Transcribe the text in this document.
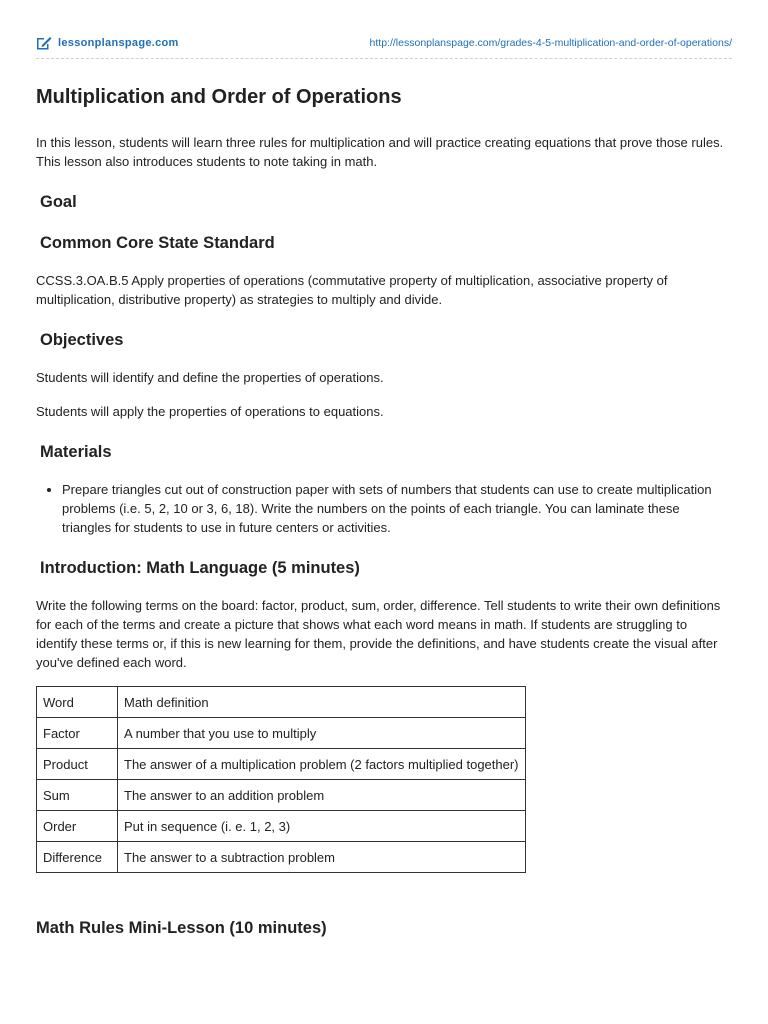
lessonplanspage.com	http://lessonplanspage.com/grades-4-5-multiplication-and-order-of-operations/
Multiplication and Order of Operations

In this lesson, students will learn three rules for multiplication and will practice creating equations that prove those rules. This lesson also introduces students to note taking in math.

Goal
Common Core State Standard

CCSS.3.OA.B.5 Apply properties of operations (commutative property of multiplication, associative property of multiplication, distributive property) as strategies to multiply and divide.

Objectives

Students will identify and define the properties of operations.

Students will apply the properties of operations to equations.

Materials
• Prepare triangles cut out of construction paper with sets of numbers that students can use to create multiplication problems (i.e. 5, 2, 10 or 3, 6, 18). Write the numbers on the points of each triangle. You can laminate these triangles for students to use in future centers or activities.
Introduction: Math Language (5 minutes)

Write the following terms on the board: factor, product, sum, order, difference. Tell students to write their own definitions for each of the terms and create a picture that shows what each word means in math. If students are struggling to identify these terms or, if this is new learning for them, provide the definitions, and have students create the visual after you've defined each word.

Word	Math definition
Factor	A number that you use to multiply
Product	The answer of a multiplication problem (2 factors multiplied together)
Sum	The answer to an addition problem
Order	Put in sequence (i. e. 1, 2, 3)
Difference	The answer to a subtraction problem
Math Rules Mini-Lesson (10 minutes)
